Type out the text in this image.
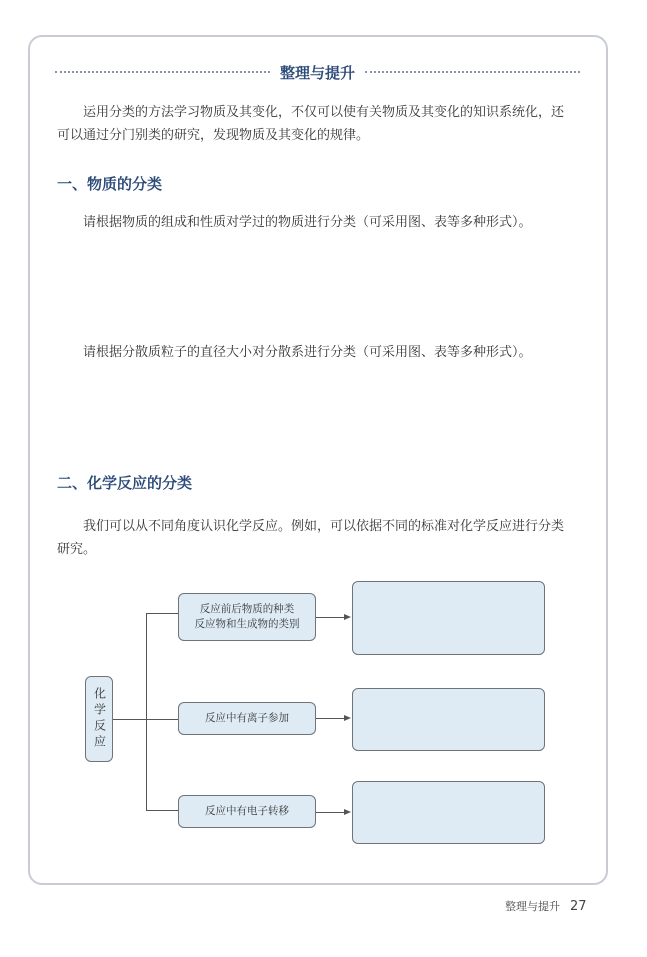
整理与提升
运用分类的方法学习物质及其变化，不仅可以使有关物质及其变化的知识系统化，还
可以通过分门别类的研究，发现物质及其变化的规律。
一、物质的分类
请根据物质的组成和性质对学过的物质进行分类（可采用图、表等多种形式）。
请根据分散质粒子的直径大小对分散系进行分类（可采用图、表等多种形式）。
二、化学反应的分类
我们可以从不同角度认识化学反应。例如，可以依据不同的标准对化学反应进行分类
研究。
化学反应
反应前后物质的种类
反应物和生成物的类别
反应中有离子参加
反应中有电子转移
整理与提升 27
